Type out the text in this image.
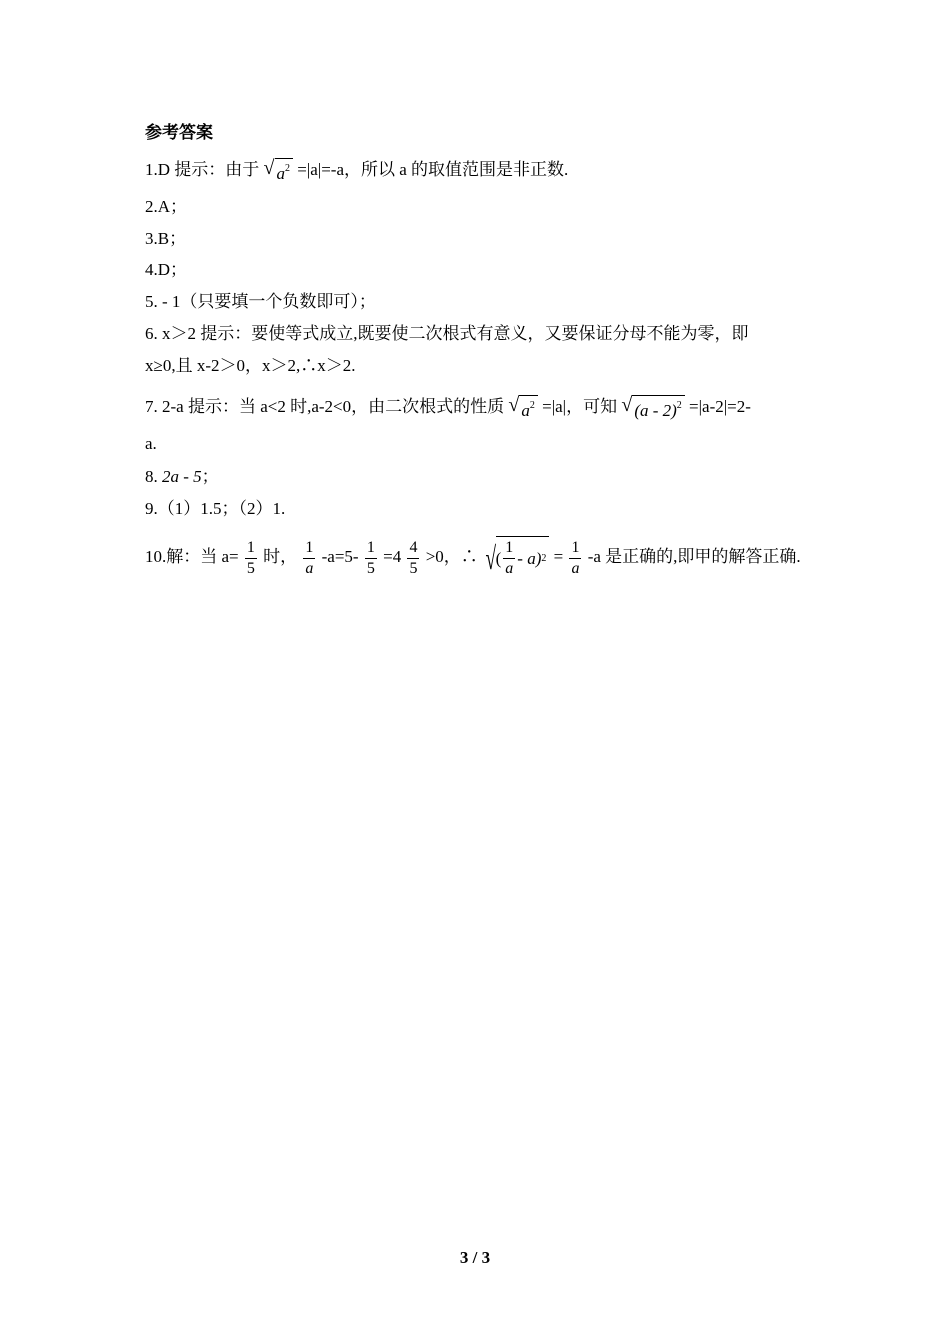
参考答案
1.D 提示：由于 √ $a^2 =|a|=-a$，所以 a 的取值范围是非正数.
2.A；
3.B；
4.D；
5. - 1（只要填一个负数即可）；
6. x＞2 提示：要使等式成立,既要使二次根式有意义，又要保证分母不能为零，即
x≥0,且 x-2＞0，x＞2,∴x＞2.
7. 2-a 提示：当 a<2 时,a-2<0，由二次根式的性质 √ $a^2 =|a|$，可知 √ (a - 2)$^2$ =|a-2|=2-
a.
8. 2a - 5；
9.（1）1.5；（2）1.
10.解：当 $a= \frac{1}{5}$ 时， $\frac{1}{a} -a=5- \frac{1}{5} =4 \frac{4}{5} >0$，∴ √ ( $\frac{1}{a} - a$) $2 = \frac{1}{a} -a$ 是正确的,即甲的解答正确.
3 / 3
